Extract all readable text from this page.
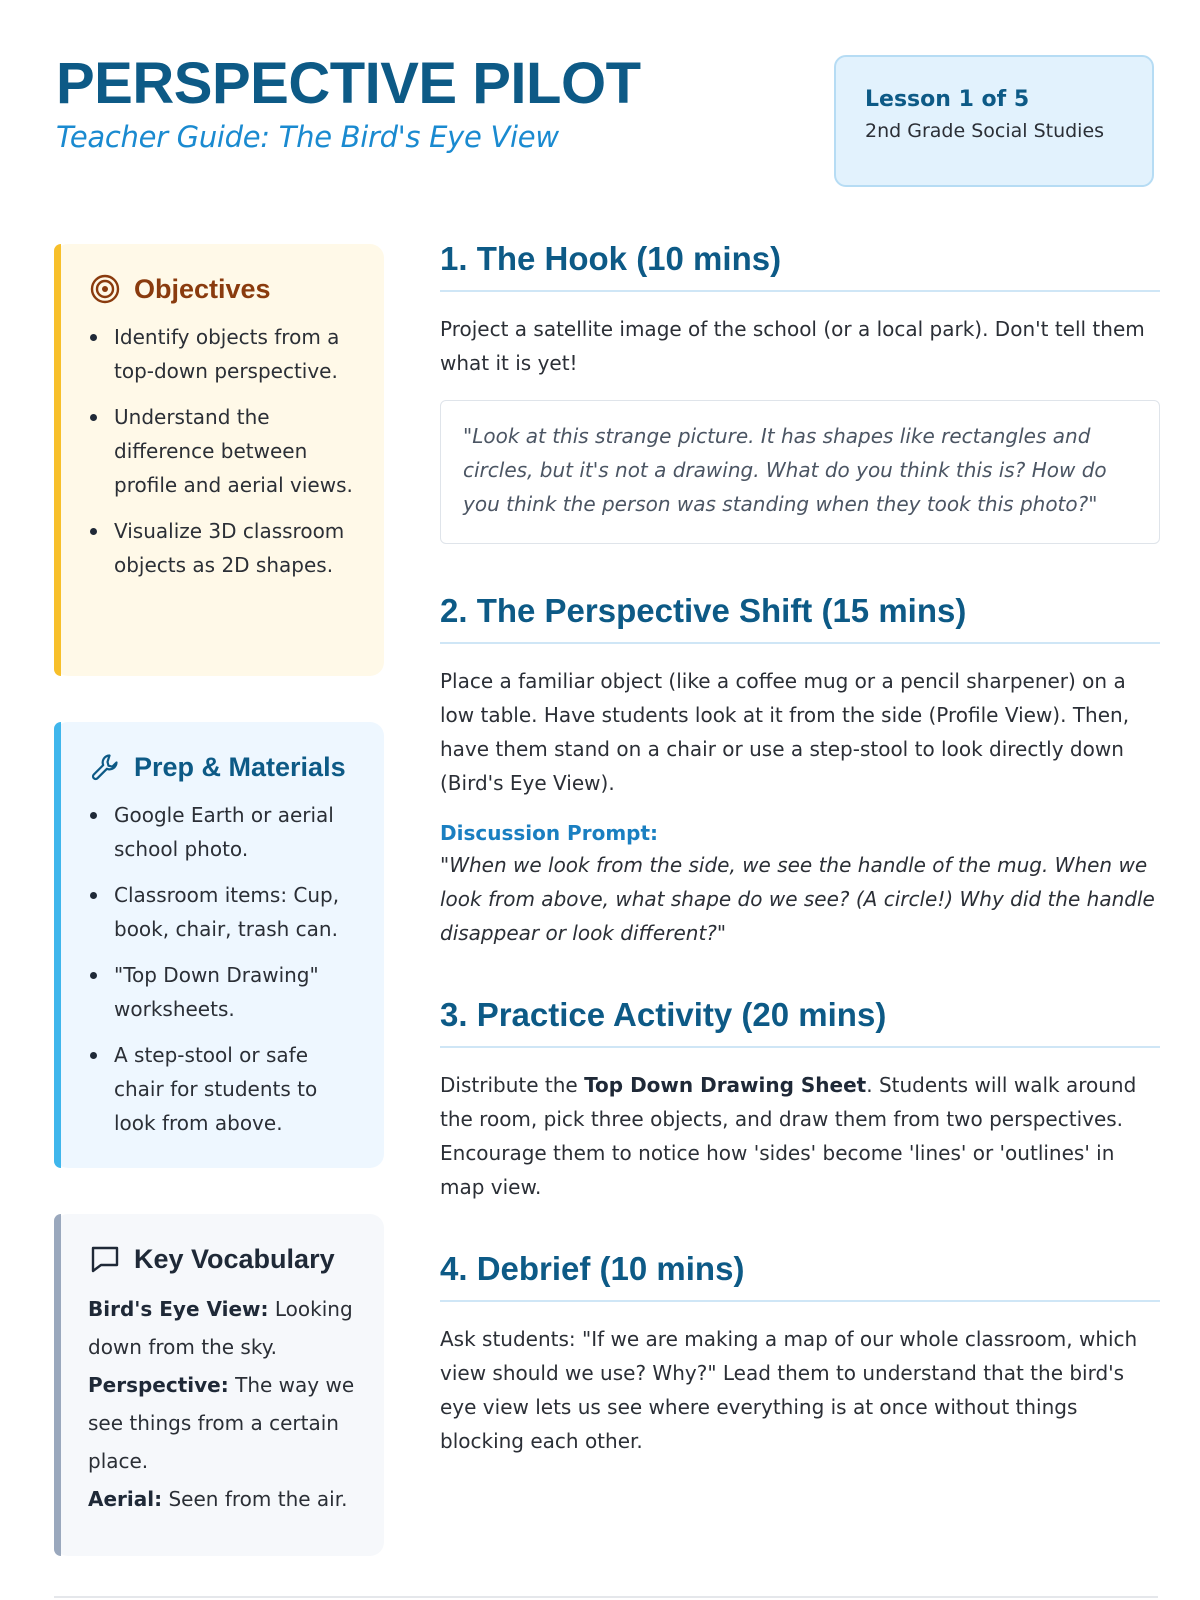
PERSPECTIVE PILOT
Teacher Guide: The Bird's Eye View
Lesson 1 of 5
2nd Grade Social Studies
Objectives
Identify objects from a top-down perspective.
Understand the difference between profile and aerial views.
Visualize 3D classroom objects as 2D shapes.
Prep & Materials
Google Earth or aerial school photo.
Classroom items: Cup, book, chair, trash can.
"Top Down Drawing" worksheets.
A step-stool or safe chair for students to look from above.
Key Vocabulary
Bird's Eye View: Looking down from the sky.
Perspective: The way we see things from a certain place.
Aerial: Seen from the air.
1. The Hook (10 mins)
Project a satellite image of the school (or a local park). Don't tell them what it is yet!
"Look at this strange picture. It has shapes like rectangles and circles, but it's not a drawing. What do you think this is? How do you think the person was standing when they took this photo?"
2. The Perspective Shift (15 mins)
Place a familiar object (like a coffee mug or a pencil sharpener) on a low table. Have students look at it from the side (Profile View). Then, have them stand on a chair or use a step-stool to look directly down (Bird's Eye View).
Discussion Prompt:
"When we look from the side, we see the handle of the mug. When we look from above, what shape do we see? (A circle!) Why did the handle disappear or look different?"
3. Practice Activity (20 mins)
Distribute the Top Down Drawing Sheet. Students will walk around the room, pick three objects, and draw them from two perspectives. Encourage them to notice how 'sides' become 'lines' or 'outlines' in map view.
4. Debrief (10 mins)
Ask students: "If we are making a map of our whole classroom, which view should we use? Why?" Lead them to understand that the bird's eye view lets us see where everything is at once without things blocking each other.
